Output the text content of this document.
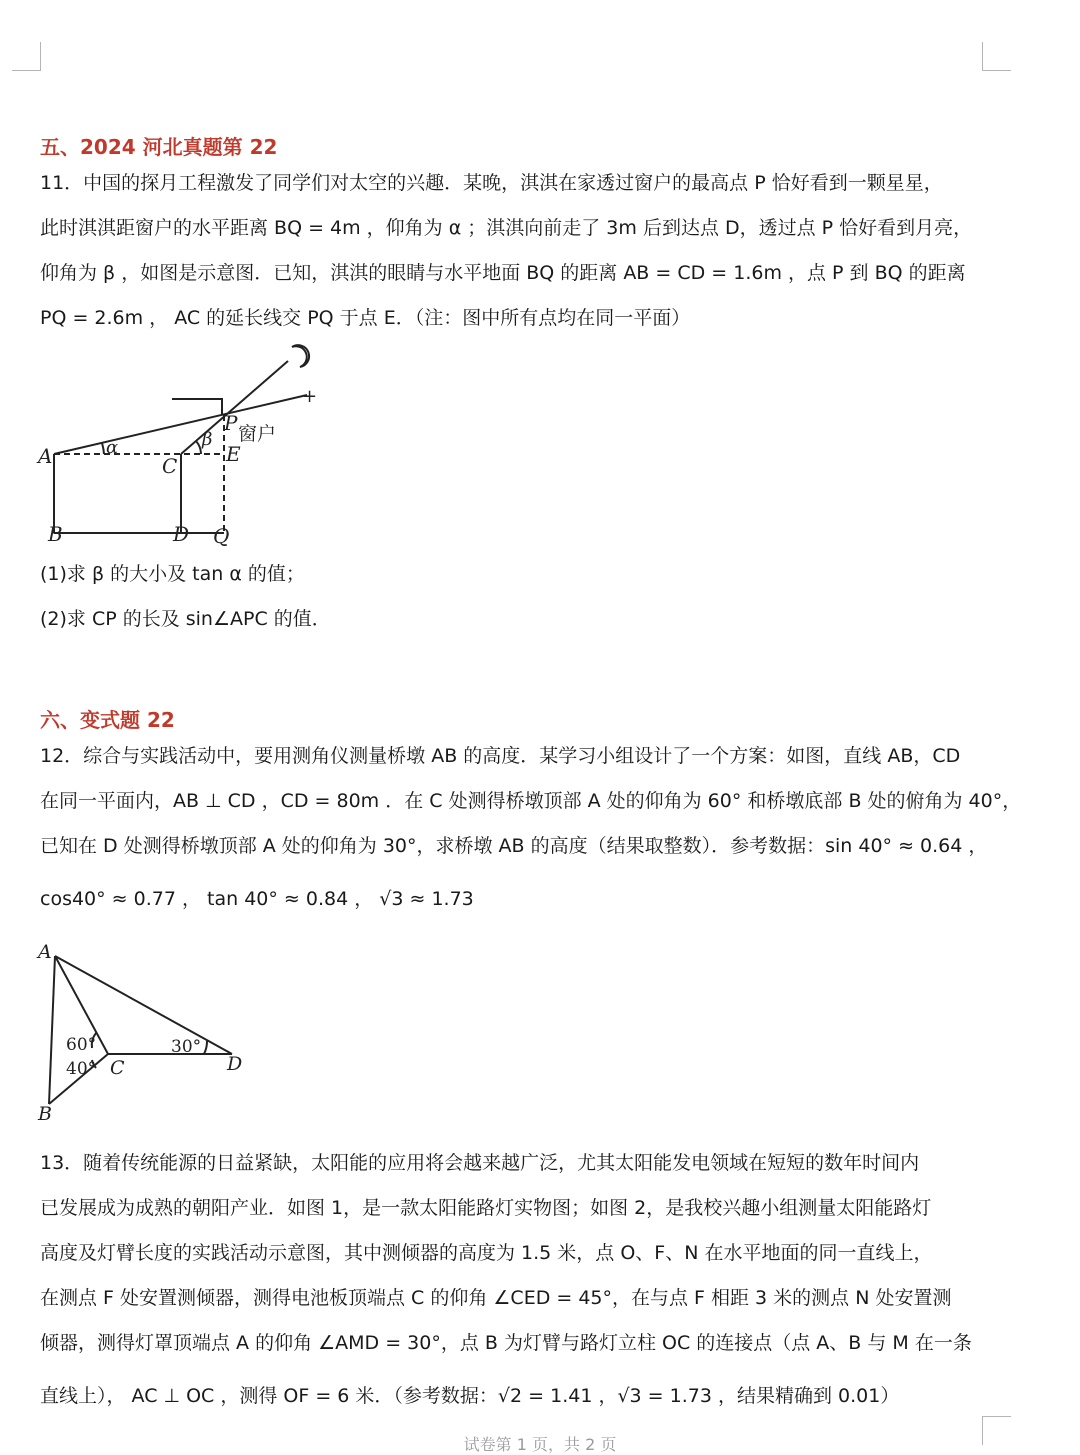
五、2024 河北真题第 22
11．中国的探月工程激发了同学们对太空的兴趣．某晚，淇淇在家透过窗户的最高点 P 恰好看到一颗星星，
此时淇淇距窗户的水平距离 BQ = 4m ，仰角为 α ；淇淇向前走了 3m 后到达点 D，透过点 P 恰好看到月亮，
仰角为 β ，如图是示意图．已知，淇淇的眼睛与水平地面 BQ 的距离 AB = CD = 1.6m ，点 P 到 BQ 的距离
PQ = 2.6m ， AC 的延长线交 PQ 于点 E．（注：图中所有点均在同一平面）
A
B
C
D Q
P
E
α	β 窗户
+
(1)求 β 的大小及 tan α 的值；
(2)求 CP 的长及 sin∠APC 的值．
六、变式题 22
12．综合与实践活动中，要用测角仪测量桥墩 AB 的高度．某学习小组设计了一个方案：如图，直线 AB，CD
在同一平面内，AB ⊥ CD ，CD = 80m ．在 C 处测得桥墩顶部 A 处的仰角为 60° 和桥墩底部 B 处的俯角为 40°，
已知在 D 处测得桥墩顶部 A 处的仰角为 30°，求桥墩 AB 的高度（结果取整数）．参考数据：sin 40° ≈ 0.64 ，
cos40° ≈ 0.77 ， tan 40° ≈ 0.84 ， √3 ≈ 1.73
A
B
C	D
60°
40°
30°
13．随着传统能源的日益紧缺，太阳能的应用将会越来越广泛，尤其太阳能发电领域在短短的数年时间内
已发展成为成熟的朝阳产业．如图 1，是一款太阳能路灯实物图；如图 2，是我校兴趣小组测量太阳能路灯
高度及灯臂长度的实践活动示意图，其中测倾器的高度为 1.5 米，点 O、F、N 在水平地面的同一直线上，
在测点 F 处安置测倾器，测得电池板顶端点 C 的仰角 ∠CED = 45°，在与点 F 相距 3 米的测点 N 处安置测
倾器，测得灯罩顶端点 A 的仰角 ∠AMD = 30°，点 B 为灯臂与路灯立柱 OC 的连接点（点 A、B 与 M 在一条
直线上）， AC ⊥ OC ，测得 OF = 6 米．（参考数据：√2 = 1.41 ，√3 = 1.73 ，结果精确到 0.01）
试卷第 1 页，共 2 页
